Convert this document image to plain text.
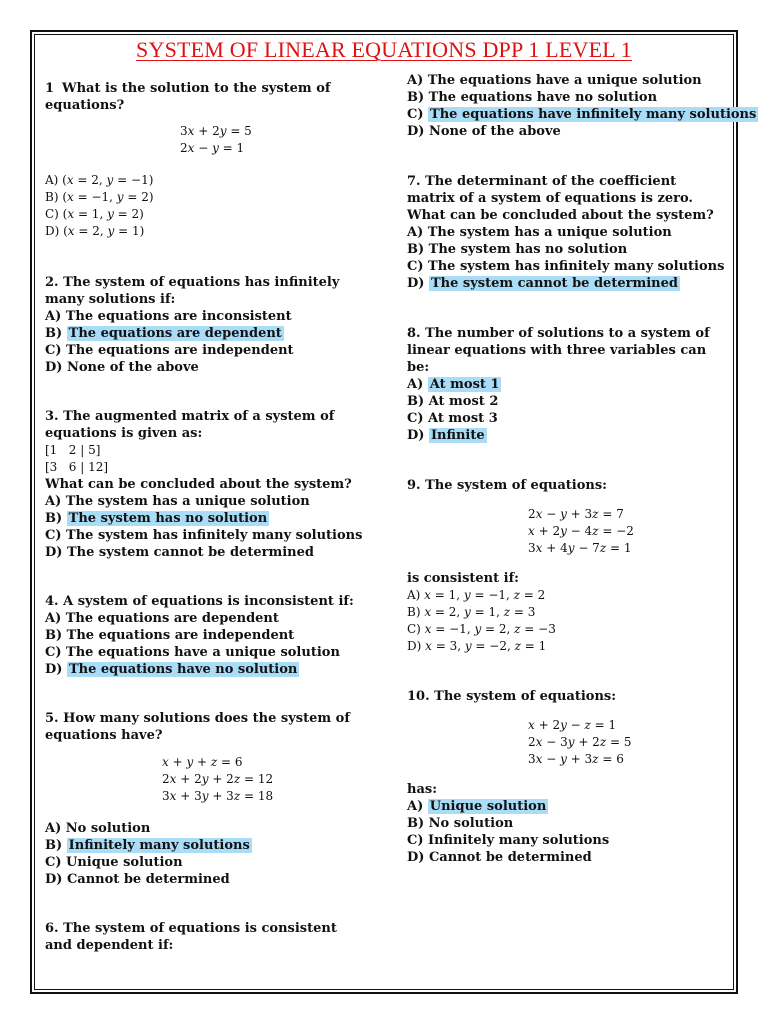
SYSTEM OF LINEAR EQUATIONS DPP 1 LEVEL 1

1 What is the solution to the system of equations?

3𝑥 + 2𝑦 = 5
2𝑥 − 𝑦 = 1
A) (𝑥 = 2, 𝑦 = −1)
B) (𝑥 = −1, 𝑦 = 2)
C) (𝑥 = 1, 𝑦 = 2)
D) (𝑥 = 2, 𝑦 = 1)

2. The system of equations has infinitely many solutions if:

A) The equations are inconsistent
B) The equations are dependent
C) The equations are independent
D) None of the above

3. The augmented matrix of a system of equations is given as:

[1   2 | 5]
[3   6 | 12]

What can be concluded about the system?

A) The system has a unique solution
B) The system has no solution
C) The system has infinitely many solutions
D) The system cannot be determined

4. A system of equations is inconsistent if:

A) The equations are dependent
B) The equations are independent
C) The equations have a unique solution
D) The equations have no solution

5. How many solutions does the system of equations have?

𝑥 + 𝑦 + 𝑧 = 6
2𝑥 + 2𝑦 + 2𝑧 = 12
3𝑥 + 3𝑦 + 3𝑧 = 18
A) No solution
B) Infinitely many solutions
C) Unique solution
D) Cannot be determined

6. The system of equations is consistent and dependent if:

A) The equations have a unique solution
B) The equations have no solution
C) The equations have infinitely many solutions
D) None of the above

7. The determinant of the coefficient matrix of a system of equations is zero. What can be concluded about the system?

A) The system has a unique solution
B) The system has no solution
C) The system has infinitely many solutions
D) The system cannot be determined

8. The number of solutions to a system of linear equations with three variables can be:

A) At most 1
B) At most 2
C) At most 3
D) Infinite

9. The system of equations:

2𝑥 − 𝑦 + 3𝑧 = 7
𝑥 + 2𝑦 − 4𝑧 = −2
3𝑥 + 4𝑦 − 7𝑧 = 1

is consistent if:

A) 𝑥 = 1, 𝑦 = −1, 𝑧 = 2
B) 𝑥 = 2, 𝑦 = 1, 𝑧 = 3
C) 𝑥 = −1, 𝑦 = 2, 𝑧 = −3
D) 𝑥 = 3, 𝑦 = −2, 𝑧 = 1

10. The system of equations:

𝑥 + 2𝑦 − 𝑧 = 1
2𝑥 − 3𝑦 + 2𝑧 = 5
3𝑥 − 𝑦 + 3𝑧 = 6

has:

A) Unique solution
B) No solution
C) Infinitely many solutions
D) Cannot be determined
